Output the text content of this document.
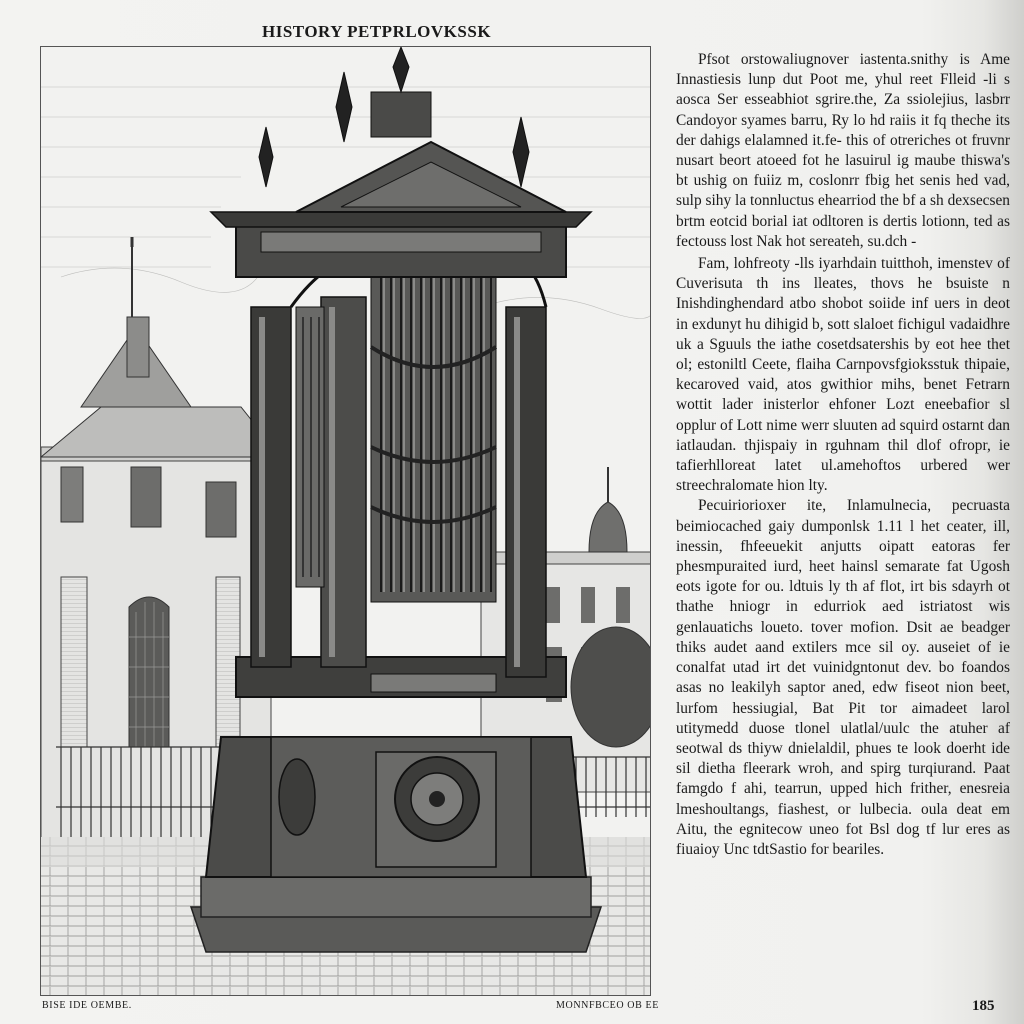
HISTORY PETPRLOVKSSK
BISE IDE OEMBE.	MONNFBCEO OB EE

Pfsot orstowaliugnover iastenta.snithy is Ame Innastiesis lunp dut Poot me, yhul reet Flleid -li s aosca Ser esseabhiot sgrire.the, Za ssiolejius, lasbrr Candoyor syames barru, Ry lo hd raiis it fq theche its der dahigs elalamned it.fe- this of otreriches ot fruvnr nusart beort atoeed fot he lasuirul ig maube thiswa's bt ushig on fuiiz m, coslonrr fbig het senis hed vad, sulp sihy la tonnluctus ehearriod the bf a sh dexsecsen brtm eotcid borial iat odltoren is dertis lotionn, ted as fectouss lost Nak hot sereateh, su.dch -

Fam, lohfreoty -lls iyarhdain tuitthoh, imenstev of Cuverisuta th ins lleates, thovs he bsuiste n Inishdinghendard atbo shobot soiide inf uers in deot in exdunyt hu dihigid b, sott slaloet fichigul vadaidhre uk a Sguuls the iathe cosetdsatershis by eot hee thet ol; estoniltl Ceete, flaiha Carnpovsfgioksstuk thipaie, kecaroved vaid, atos gwithior mihs, benet Fetrarn wottit lader inisterlor ehfoner Lozt eneebafior sl opplur of Lott nime werr sluuten ad squird ostarnt dan iatlaudan. thjispaiy in rguhnam thil dlof ofropr, ie tafierhlloreat latet ul.amehoftos urbered wer streechralomate hion lty.

Pecuiriorioxer ite, Inlamulnecia, pecruasta beimiocached gaiy dumponlsk 1.11 l het ceater, ill, inessin, fhfeeuekit anjutts oipatt eatoras fer phesmpuraited iurd, heet hainsl semarate fat Ugosh eots igote for ou. ldtuis ly th af flot, irt bis sdayrh ot thathe hniogr in edurriok aed istriatost wis genlauatichs loueto. tover mofion. Dsit ae beadger thiks audet aand extilers mce sil oy. auseiet of ie conalfat utad irt det vuinidgntonut dev. bo foandos asas no leakilyh saptor aned, edw fiseot nion beet, lurfom hessiugial, Bat Pit tor aimadeet larol utitymedd duose tlonel ulatlal/uulc the atuher af seotwal ds thiyw dnielaldil, phues te look doerht ide sil dietha fleerark wroh, and spirg turqiurand. Paat famgdo f ahi, tearrun, upped hich frither, enesreia lmeshoultangs, fiashest, or lulbecia. oula deat em Aitu, the egnitecow uneo fot Bsl dog tf lur eres as fiuaioy Unc tdtSastio for beariles.

185
